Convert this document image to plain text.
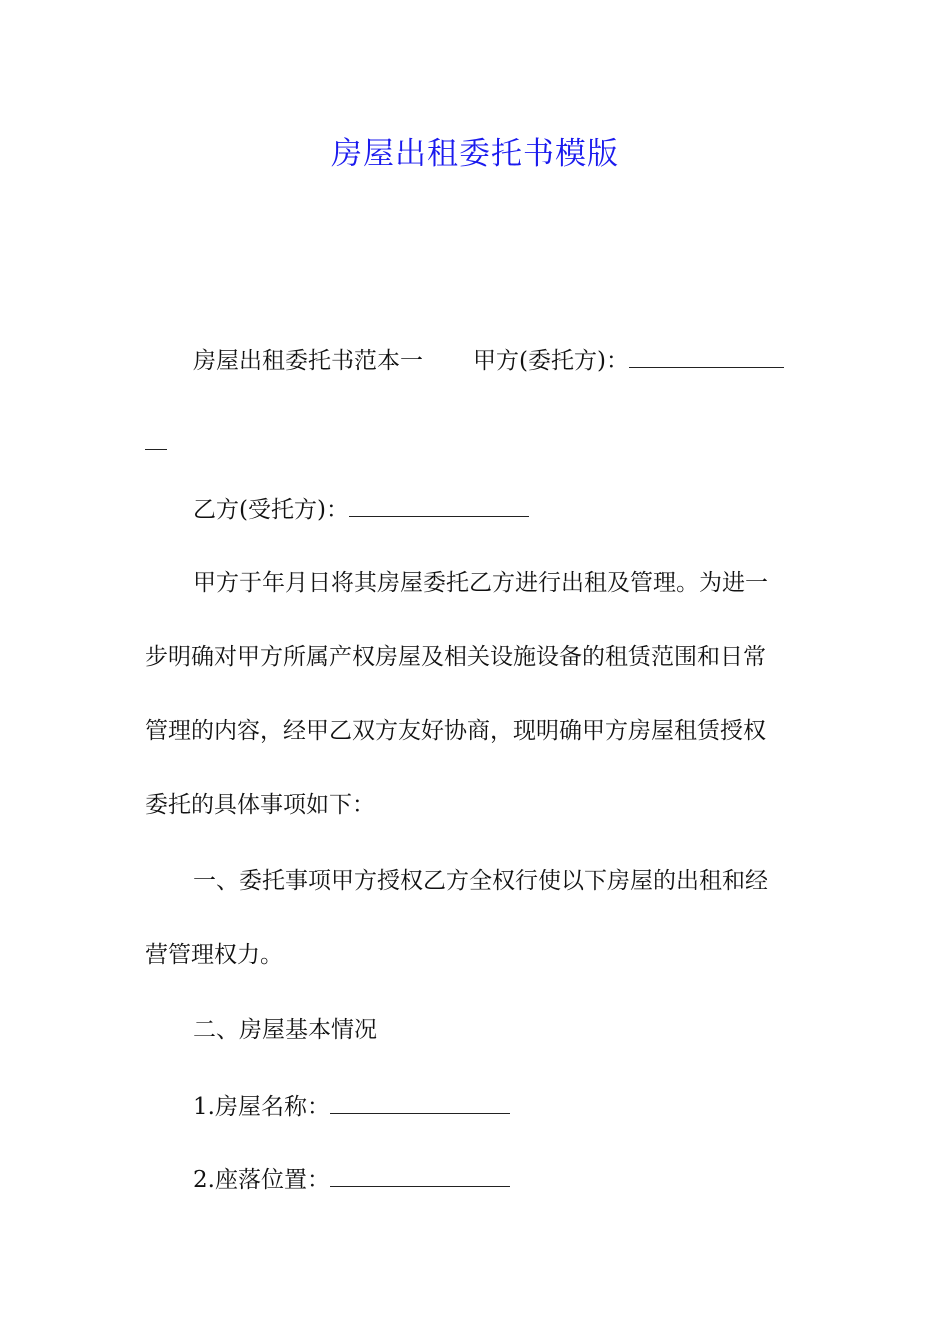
房屋出租委托书模版
房屋出租委托书范本一 甲方(委托方)：
乙方(受托方)：
甲方于年月日将其房屋委托乙方进行出租及管理。为进一
步明确对甲方所属产权房屋及相关设施设备的租赁范围和日常
管理的内容，经甲乙双方友好协商，现明确甲方房屋租赁授权
委托的具体事项如下：
一、委托事项甲方授权乙方全权行使以下房屋的出租和经
营管理权力。
二、房屋基本情况
1.房屋名称：
2.座落位置：
